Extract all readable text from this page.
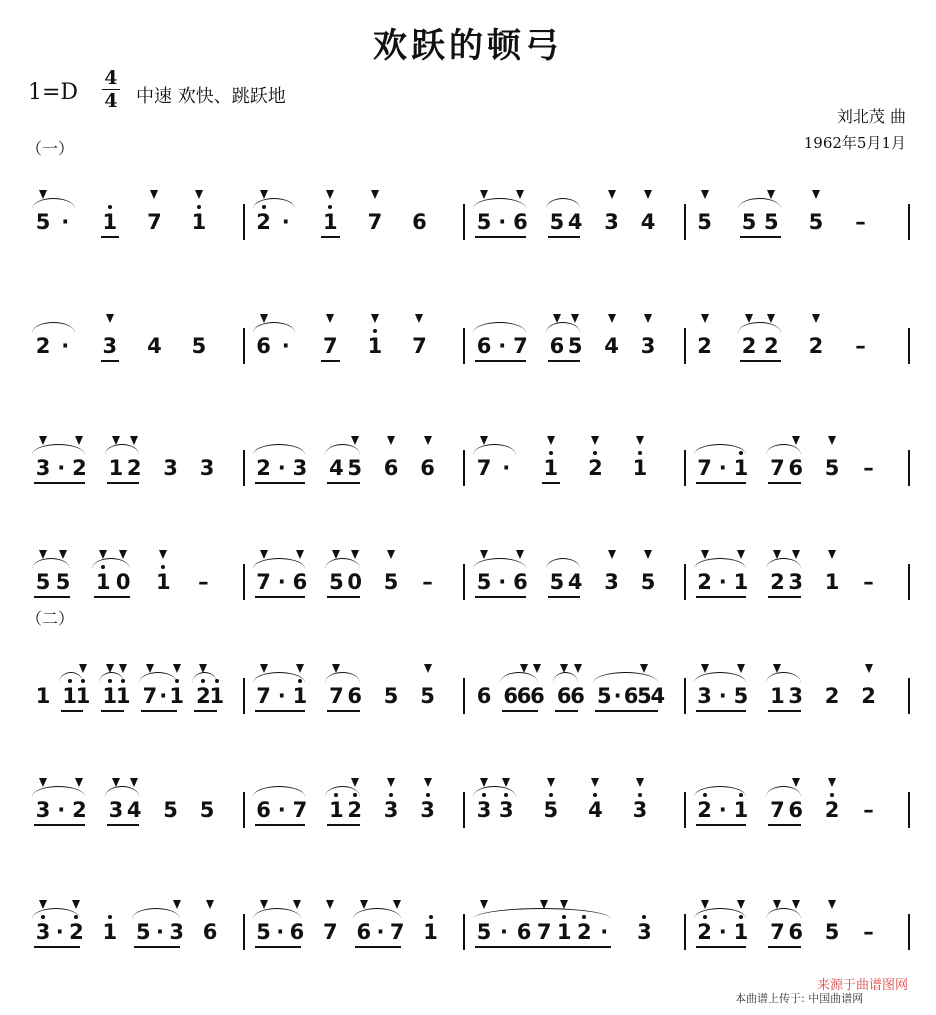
欢跃的顿弓
1=D
4
4 中速 欢快、跳跃地
刘北茂 曲
1962年5月1月
（一）
（二）
5 ·	1 7 1 2 ·	1 7 6 5 · 6 5 4 3 4 5 5 5 5 –
2 ·	3 4 5 6 ·	7 1 7 6 · 7 6 5 4 3 2 2 2 2 –
3 · 2 1 2 3 3 2 · 3 4 5 6 6 7 ·	1 2 1 7 · 1 7 6 5 –
5 5 1 0 1 – 7 · 6 5 0 5 – 5 · 6 5 4 3 5 2 · 1 2 3 1 –
1 1
1 1
1 7 · 1 2
1 7 · 1 7 6 5 5 6 6
6
6 6
6 5 · 6
5
4 3 · 5 1 3 2 2
3 · 2 3 4 5 5 6 · 7 1 2 3 3 3 3 5 4 3 2 · 1 7 6 2 –
3 · 2 1 5 · 3 6 5 · 6 7 6 · 7 1 5 · 6 7 1 2 ·	3 2 · 1 7 6 5 –
来源于曲谱图网
本曲谱上传于: 中国曲谱网
